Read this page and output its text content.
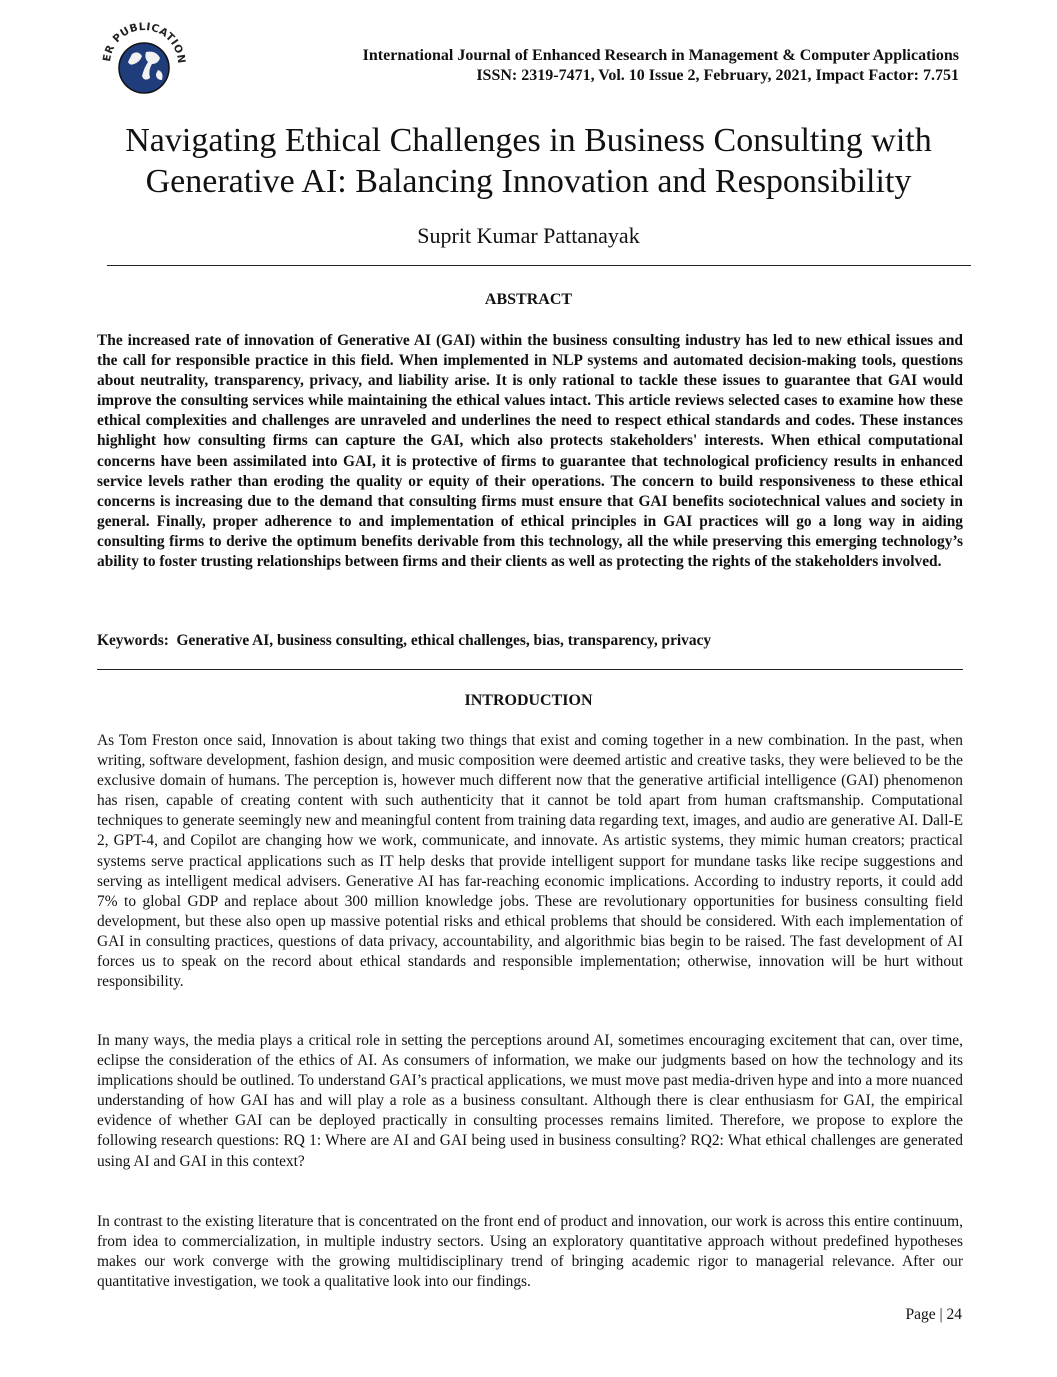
ER PUBLICATION	International Journal of Enhanced Research in Management & Computer Applications
ISSN: 2319-7471, Vol. 10 Issue 2, February, 2021, Impact Factor: 7.751
Navigating Ethical Challenges in Business Consulting with
Generative AI: Balancing Innovation and Responsibility
Suprit Kumar Pattanayak
ABSTRACT

The increased rate of innovation of Generative AI (GAI) within the business consulting industry has led to new ethical issues and the call for responsible practice in this field. When implemented in NLP systems and automated decision-making tools, questions about neutrality, transparency, privacy, and liability arise. It is only rational to tackle these issues to guarantee that GAI would improve the consulting services while maintaining the ethical values intact. This article reviews selected cases to examine how these ethical complexities and challenges are unraveled and underlines the need to respect ethical standards and codes. These instances highlight how consulting firms can capture the GAI, which also protects stakeholders' interests. When ethical computational concerns have been assimilated into GAI, it is protective of firms to guarantee that technological proficiency results in enhanced service levels rather than eroding the quality or equity of their operations. The concern to build responsiveness to these ethical concerns is increasing due to the demand that consulting firms must ensure that GAI benefits sociotechnical values and society in general. Finally, proper adherence to and implementation of ethical principles in GAI practices will go a long way in aiding consulting firms to derive the optimum benefits derivable from this technology, all the while preserving this emerging technology’s ability to foster trusting relationships between firms and their clients as well as protecting the rights of the stakeholders involved.

Keywords: Generative AI, business consulting, ethical challenges, bias, transparency, privacy

INTRODUCTION

As Tom Freston once said, Innovation is about taking two things that exist and coming together in a new combination. In the past, when writing, software development, fashion design, and music composition were deemed artistic and creative tasks, they were believed to be the exclusive domain of humans. The perception is, however much different now that the generative artificial intelligence (GAI) phenomenon has risen, capable of creating content with such authenticity that it cannot be told apart from human craftsmanship. Computational techniques to generate seemingly new and meaningful content from training data regarding text, images, and audio are generative AI. Dall-E 2, GPT-4, and Copilot are changing how we work, communicate, and innovate. As artistic systems, they mimic human creators; practical systems serve practical applications such as IT help desks that provide intelligent support for mundane tasks like recipe suggestions and serving as intelligent medical advisers. Generative AI has far-reaching economic implications. According to industry reports, it could add 7% to global GDP and replace about 300 million knowledge jobs. These are revolutionary opportunities for business consulting field development, but these also open up massive potential risks and ethical problems that should be considered. With each implementation of GAI in consulting practices, questions of data privacy, accountability, and algorithmic bias begin to be raised. The fast development of AI forces us to speak on the record about ethical standards and responsible implementation; otherwise, innovation will be hurt without responsibility.

In many ways, the media plays a critical role in setting the perceptions around AI, sometimes encouraging excitement that can, over time, eclipse the consideration of the ethics of AI. As consumers of information, we make our judgments based on how the technology and its implications should be outlined. To understand GAI’s practical applications, we must move past media-driven hype and into a more nuanced understanding of how GAI has and will play a role as a business consultant. Although there is clear enthusiasm for GAI, the empirical evidence of whether GAI can be deployed practically in consulting processes remains limited. Therefore, we propose to explore the following research questions: RQ 1: Where are AI and GAI being used in business consulting? RQ2: What ethical challenges are generated using AI and GAI in this context?

In contrast to the existing literature that is concentrated on the front end of product and innovation, our work is across this entire continuum, from idea to commercialization, in multiple industry sectors. Using an exploratory quantitative approach without predefined hypotheses makes our work converge with the growing multidisciplinary trend of bringing academic rigor to managerial relevance. After our quantitative investigation, we took a qualitative look into our findings.

Page | 24
